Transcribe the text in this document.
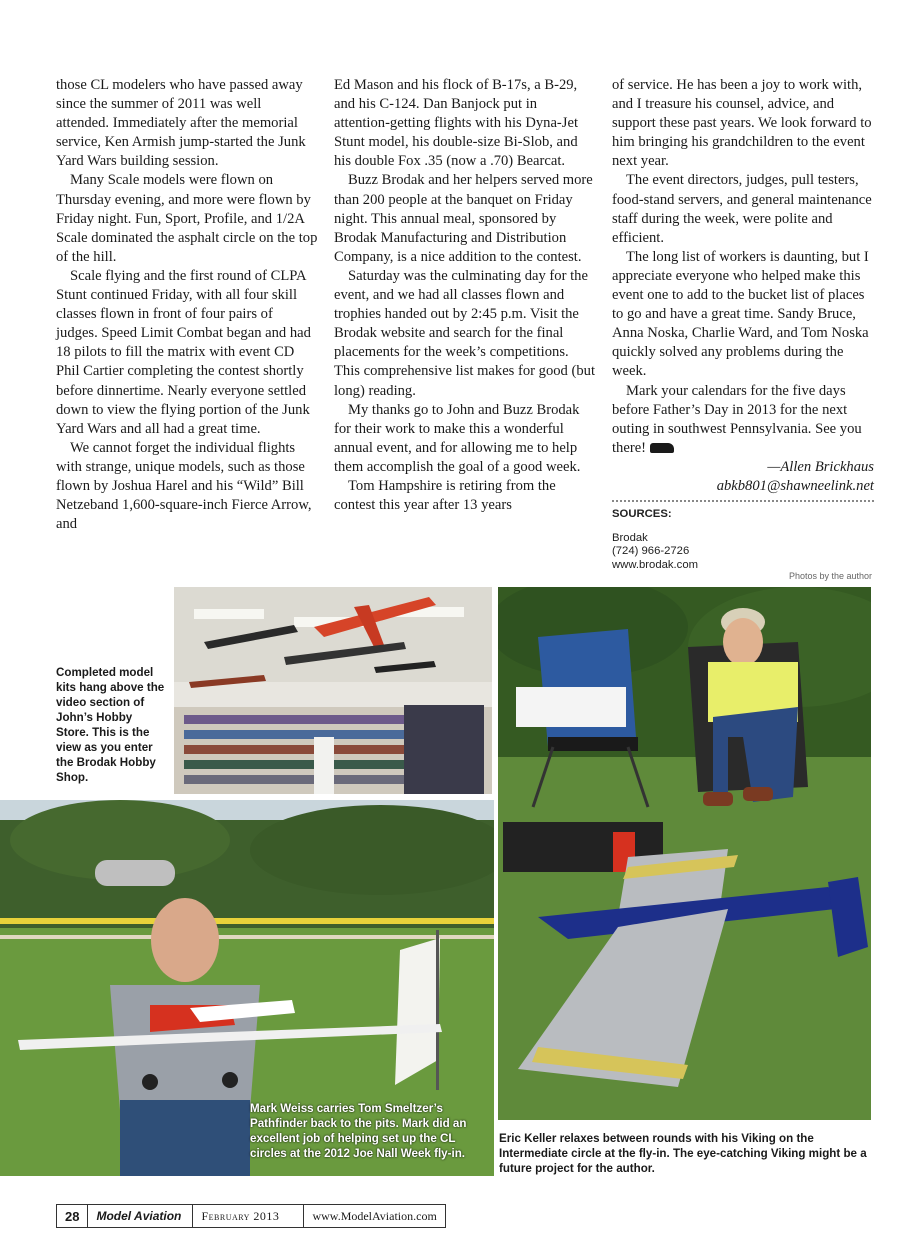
those CL modelers who have passed away since the summer of 2011 was well attended. Immediately after the memorial service, Ken Armish jump-started the Junk Yard Wars building session.

Many Scale models were flown on Thursday evening, and more were flown by Friday night. Fun, Sport, Profile, and 1/2A Scale dominated the asphalt circle on the top of the hill.

Scale flying and the first round of CLPA Stunt continued Friday, with all four skill classes flown in front of four pairs of judges. Speed Limit Combat began and had 18 pilots to fill the matrix with event CD Phil Cartier completing the contest shortly before dinnertime. Nearly everyone settled down to view the flying portion of the Junk Yard Wars and all had a great time.

We cannot forget the individual flights with strange, unique models, such as those flown by Joshua Harel and his “Wild” Bill Netzeband 1,600-square-inch Fierce Arrow, and

Ed Mason and his flock of B-17s, a B-29, and his C-124. Dan Banjock put in attention-getting flights with his Dyna-Jet Stunt model, his double-size Bi-Slob, and his double Fox .35 (now a .70) Bearcat.

Buzz Brodak and her helpers served more than 200 people at the banquet on Friday night. This annual meal, sponsored by Brodak Manufacturing and Distribution Company, is a nice addition to the contest.

Saturday was the culminating day for the event, and we had all classes flown and trophies handed out by 2:45 p.m. Visit the Brodak website and search for the final placements for the week’s competitions. This comprehensive list makes for good (but long) reading.

My thanks go to John and Buzz Brodak for their work to make this a wonderful annual event, and for allowing me to help them accomplish the goal of a good week.

Tom Hampshire is retiring from the contest this year after 13 years

of service. He has been a joy to work with, and I treasure his counsel, advice, and support these past years. We look forward to him bringing his grandchildren to the event next year.

The event directors, judges, pull testers, food-stand servers, and general maintenance staff during the week, were polite and efficient.

The long list of workers is daunting, but I appreciate everyone who helped make this event one to add to the bucket list of places to go and have a great time. Sandy Bruce, Anna Noska, Charlie Ward, and Tom Noska quickly solved any problems during the week.

Mark your calendars for the five days before Father’s Day in 2013 for the next outing in southwest Pennsylvania. See you there!

—Allen Brickhaus

abkb801@shawneelink.net

SOURCES:
Brodak
(724) 966-2726
www.brodak.com
Photos by the author
Completed model kits hang above the video section of John’s Hobby Store. This is the view as you enter the Brodak Hobby Shop.
Mark Weiss carries Tom Smeltzer’s Pathfinder back to the pits. Mark did an excellent job of helping set up the CL circles at the 2012 Joe Nall Week fly-in.
Eric Keller relaxes between rounds with his Viking on the Intermediate circle at the fly-in. The eye-catching Viking might be a future project for the author.
28	Model Aviation	February 2013	www.ModelAviation.com
